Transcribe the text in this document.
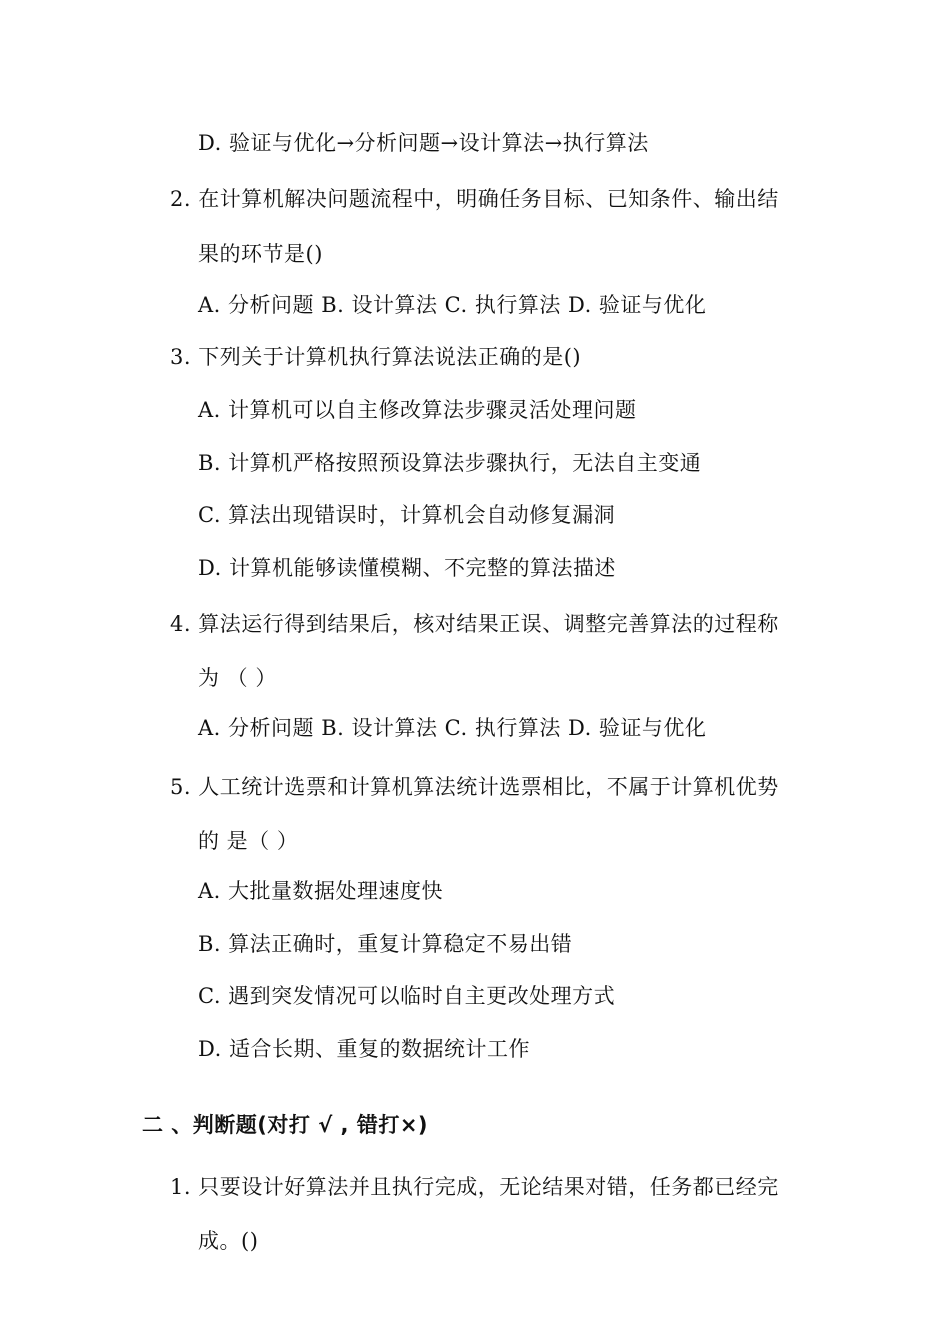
D. 验证与优化→分析问题→设计算法→执行算法
2. 在计算机解决问题流程中，明确任务目标、已知条件、输出结
果的环节是()
A. 分析问题 B. 设计算法 C. 执行算法 D. 验证与优化
3. 下列关于计算机执行算法说法正确的是()
A. 计算机可以自主修改算法步骤灵活处理问题
B. 计算机严格按照预设算法步骤执行，无法自主变通
C. 算法出现错误时，计算机会自动修复漏洞
D. 计算机能够读懂模糊、不完整的算法描述
4. 算法运行得到结果后，核对结果正误、调整完善算法的过程称
为 （ ）
A. 分析问题 B. 设计算法 C. 执行算法 D. 验证与优化
5. 人工统计选票和计算机算法统计选票相比，不属于计算机优势
的 是（ ）
A. 大批量数据处理速度快
B. 算法正确时，重复计算稳定不易出错
C. 遇到突发情况可以临时自主更改处理方式
D. 适合长期、重复的数据统计工作
二 、判断题(对打 √ , 错打×)
1. 只要设计好算法并且执行完成，无论结果对错，任务都已经完
成。()
